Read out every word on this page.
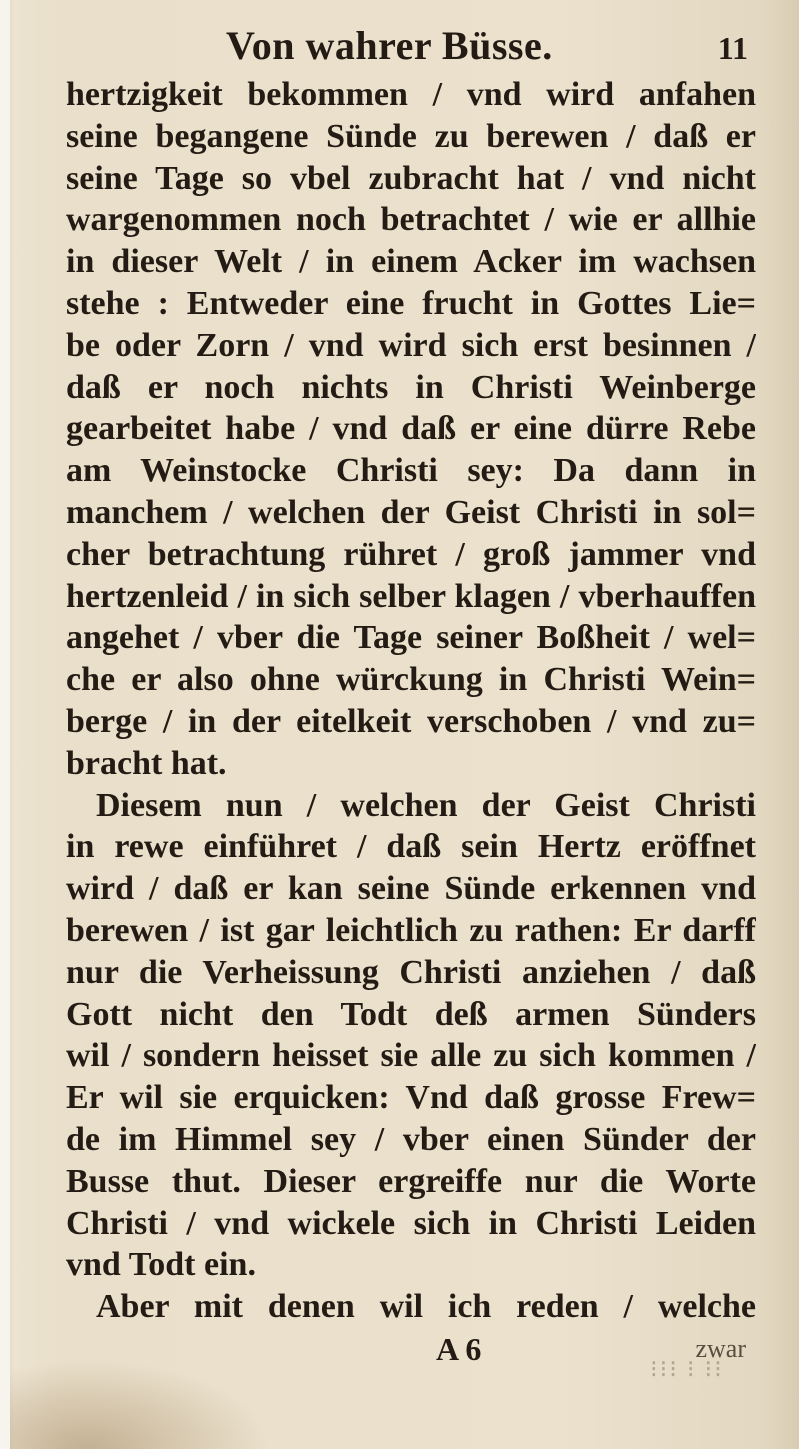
Von wahrer Büsse.	11
hertzigkeit bekommen / vnd wird anfahen
seine begangene Sünde zu berewen / daß er
seine Tage so vbel zubracht hat / vnd nicht
wargenommen noch betrachtet / wie er allhie
in dieser Welt / in einem Acker im wachsen
stehe : Entweder eine frucht in Gottes Lie=
be oder Zorn / vnd wird sich erst besinnen /
daß er noch nichts in Christi Weinberge
gearbeitet habe / vnd daß er eine dürre Rebe
am Weinstocke Christi sey: Da dann in
manchem / welchen der Geist Christi in sol=
cher betrachtung rühret / groß jammer vnd
hertzenleid / in sich selber klagen / vberhauffen
angehet / vber die Tage seiner Boßheit / wel=
che er also ohne würckung in Christi Wein=
berge / in der eitelkeit verschoben / vnd zu=
bracht hat.
Diesem nun / welchen der Geist Christi
in rewe einführet / daß sein Hertz eröffnet
wird / daß er kan seine Sünde erkennen vnd
berewen / ist gar leichtlich zu rathen: Er darff
nur die Verheissung Christi anziehen / daß
Gott nicht den Todt deß armen Sünders
wil / sondern heisset sie alle zu sich kommen /
Er wil sie erquicken: Vnd daß grosse Frew=
de im Himmel sey / vber einen Sünder der
Busse thut. Dieser ergreiffe nur die Worte
Christi / vnd wickele sich in Christi Leiden
vnd Todt ein.
Aber mit denen wil ich reden / welche
A 6	zwar
⁝⁝⁝ ⁝ ⁝⁝
